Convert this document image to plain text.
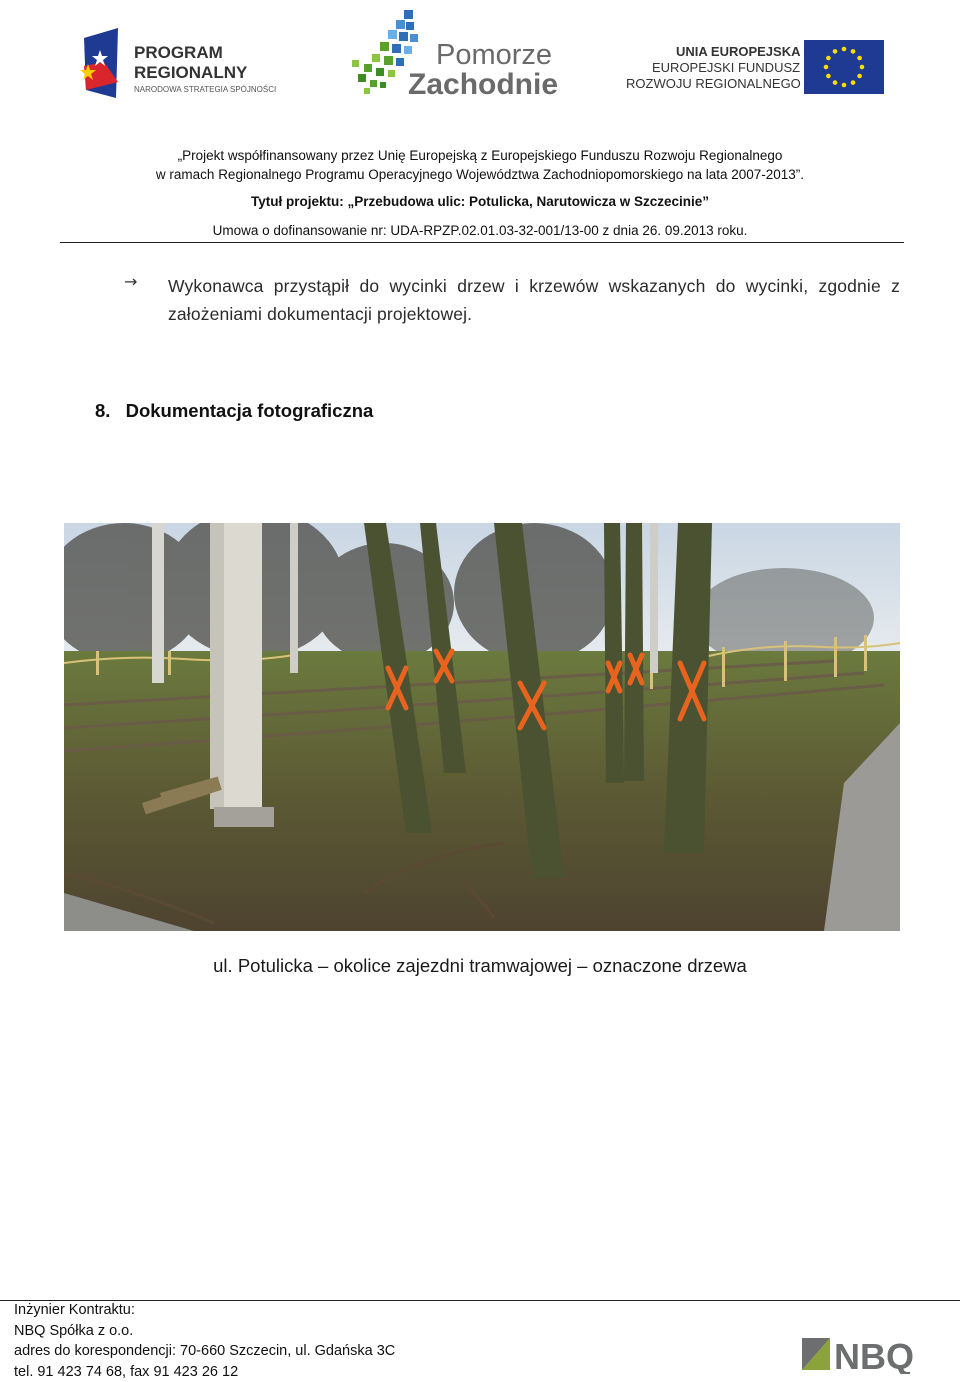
PROGRAM
REGIONALNY
NARODOWA STRATEGIA SPÓJNOŚCI
Pomorze
Zachodnie
UNIA EUROPEJSKA
EUROPEJSKI FUNDUSZ
ROZWOJU REGIONALNEGO
„Projekt współfinansowany przez Unię Europejską z Europejskiego Funduszu Rozwoju Regionalnego
w ramach Regionalnego Programu Operacyjnego Województwa Zachodniopomorskiego na lata 2007-2013”.
Tytuł projektu: „Przebudowa ulic: Potulicka, Narutowicza w Szczecinie”
Umowa o dofinansowanie nr: UDA-RPZP.02.01.03-32-001/13-00 z dnia 26. 09.2013 roku.
→ Wykonawca przystąpił do wycinki drzew i krzewów wskazanych do wycinki, zgodnie z założeniami dokumentacji projektowej.
8. Dokumentacja fotograficzna
ul. Potulicka – okolice zajezdni tramwajowej – oznaczone drzewa
Inżynier Kontraktu:
NBQ Spółka z o.o.
adres do korespondencji: 70-660 Szczecin, ul. Gdańska 3C
tel. 91 423 74 68, fax 91 423 26 12	NBQ
